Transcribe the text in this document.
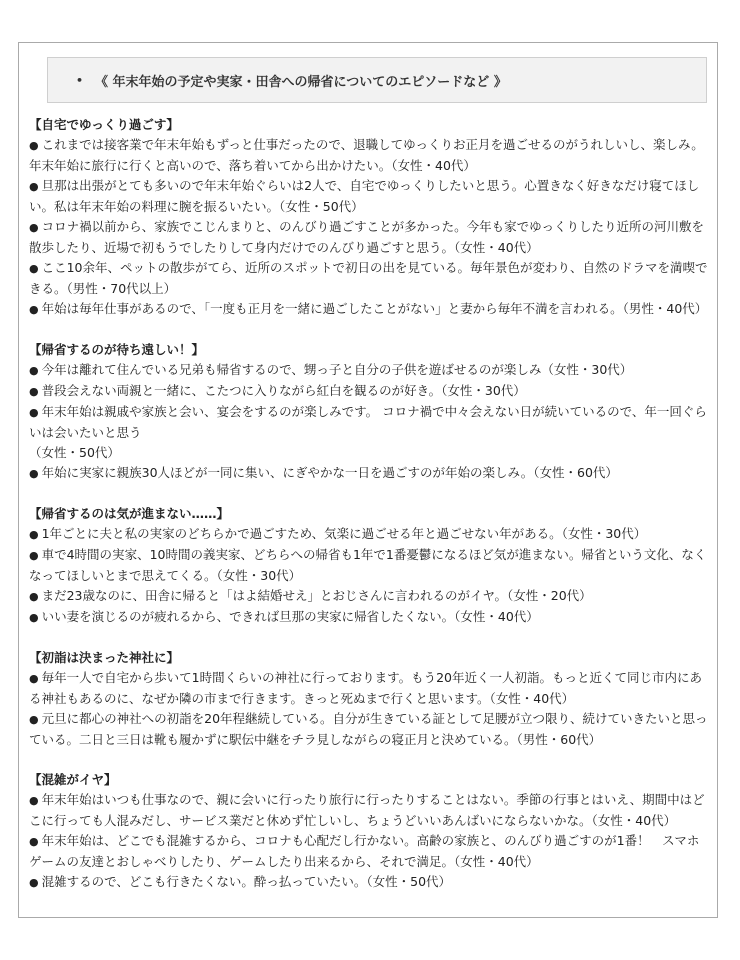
• 《 年末年始の予定や実家・田舎への帰省についてのエピソードなど 》
【自宅でゆっくり過ごす】
● これまでは接客業で年末年始もずっと仕事だったので、退職してゆっくりお正月を過ごせるのがうれしいし、楽しみ。年末年始に旅行に行くと高いので、落ち着いてから出かけたい。（女性・40代）
● 旦那は出張がとても多いので年末年始ぐらいは2人で、自宅でゆっくりしたいと思う。心置きなく好きなだけ寝てほしい。私は年末年始の料理に腕を振るいたい。（女性・50代）
● コロナ禍以前から、家族でこじんまりと、のんびり過ごすことが多かった。今年も家でゆっくりしたり近所の河川敷を散歩したり、近場で初もうでしたりして身内だけでのんびり過ごすと思う。（女性・40代）
● ここ10余年、ペットの散歩がてら、近所のスポットで初日の出を見ている。毎年景色が変わり、自然のドラマを満喫できる。（男性・70代以上）
● 年始は毎年仕事があるので、「一度も正月を一緒に過ごしたことがない」と妻から毎年不満を言われる。（男性・40代）
【帰省するのが待ち遠しい！】
● 今年は離れて住んでいる兄弟も帰省するので、甥っ子と自分の子供を遊ばせるのが楽しみ（女性・30代）
● 普段会えない両親と一緒に、こたつに入りながら紅白を観るのが好き。（女性・30代）
● 年末年始は親戚や家族と会い、宴会をするのが楽しみです。 コロナ禍で中々会えない日が続いているので、年一回ぐらいは会いたいと思う
（女性・50代）
● 年始に実家に親族30人ほどが一同に集い、にぎやかな一日を過ごすのが年始の楽しみ。（女性・60代）
【帰省するのは気が進まない……】
● 1年ごとに夫と私の実家のどちらかで過ごすため、気楽に過ごせる年と過ごせない年がある。（女性・30代）
● 車で4時間の実家、10時間の義実家、どちらへの帰省も1年で1番憂鬱になるほど気が進まない。帰省という文化、なくなってほしいとまで思えてくる。（女性・30代）
● まだ23歳なのに、田舎に帰ると「はよ結婚せえ」とおじさんに言われるのがイヤ。（女性・20代）
● いい妻を演じるのが疲れるから、できれば旦那の実家に帰省したくない。（女性・40代）
【初詣は決まった神社に】
● 毎年一人で自宅から歩いて1時間くらいの神社に行っております。もう20年近く一人初詣。もっと近くて同じ市内にある神社もあるのに、なぜか隣の市まで行きます。きっと死ぬまで行くと思います。（女性・40代）
● 元旦に都心の神社への初詣を20年程継続している。自分が生きている証として足腰が立つ限り、続けていきたいと思っている。二日と三日は靴も履かずに駅伝中継をチラ見しながらの寝正月と決めている。（男性・60代）
【混雑がイヤ】
● 年末年始はいつも仕事なので、親に会いに行ったり旅行に行ったりすることはない。季節の行事とはいえ、期間中はどこに行っても人混みだし、サービス業だと休めず忙しいし、ちょうどいいあんばいにならないかな。（女性・40代）
● 年末年始は、どこでも混雑するから、コロナも心配だし行かない。高齢の家族と、のんびり過ごすのが1番！　スマホゲームの友達とおしゃべりしたり、ゲームしたり出来るから、それで満足。（女性・40代）
● 混雑するので、どこも行きたくない。酔っ払っていたい。（女性・50代）
